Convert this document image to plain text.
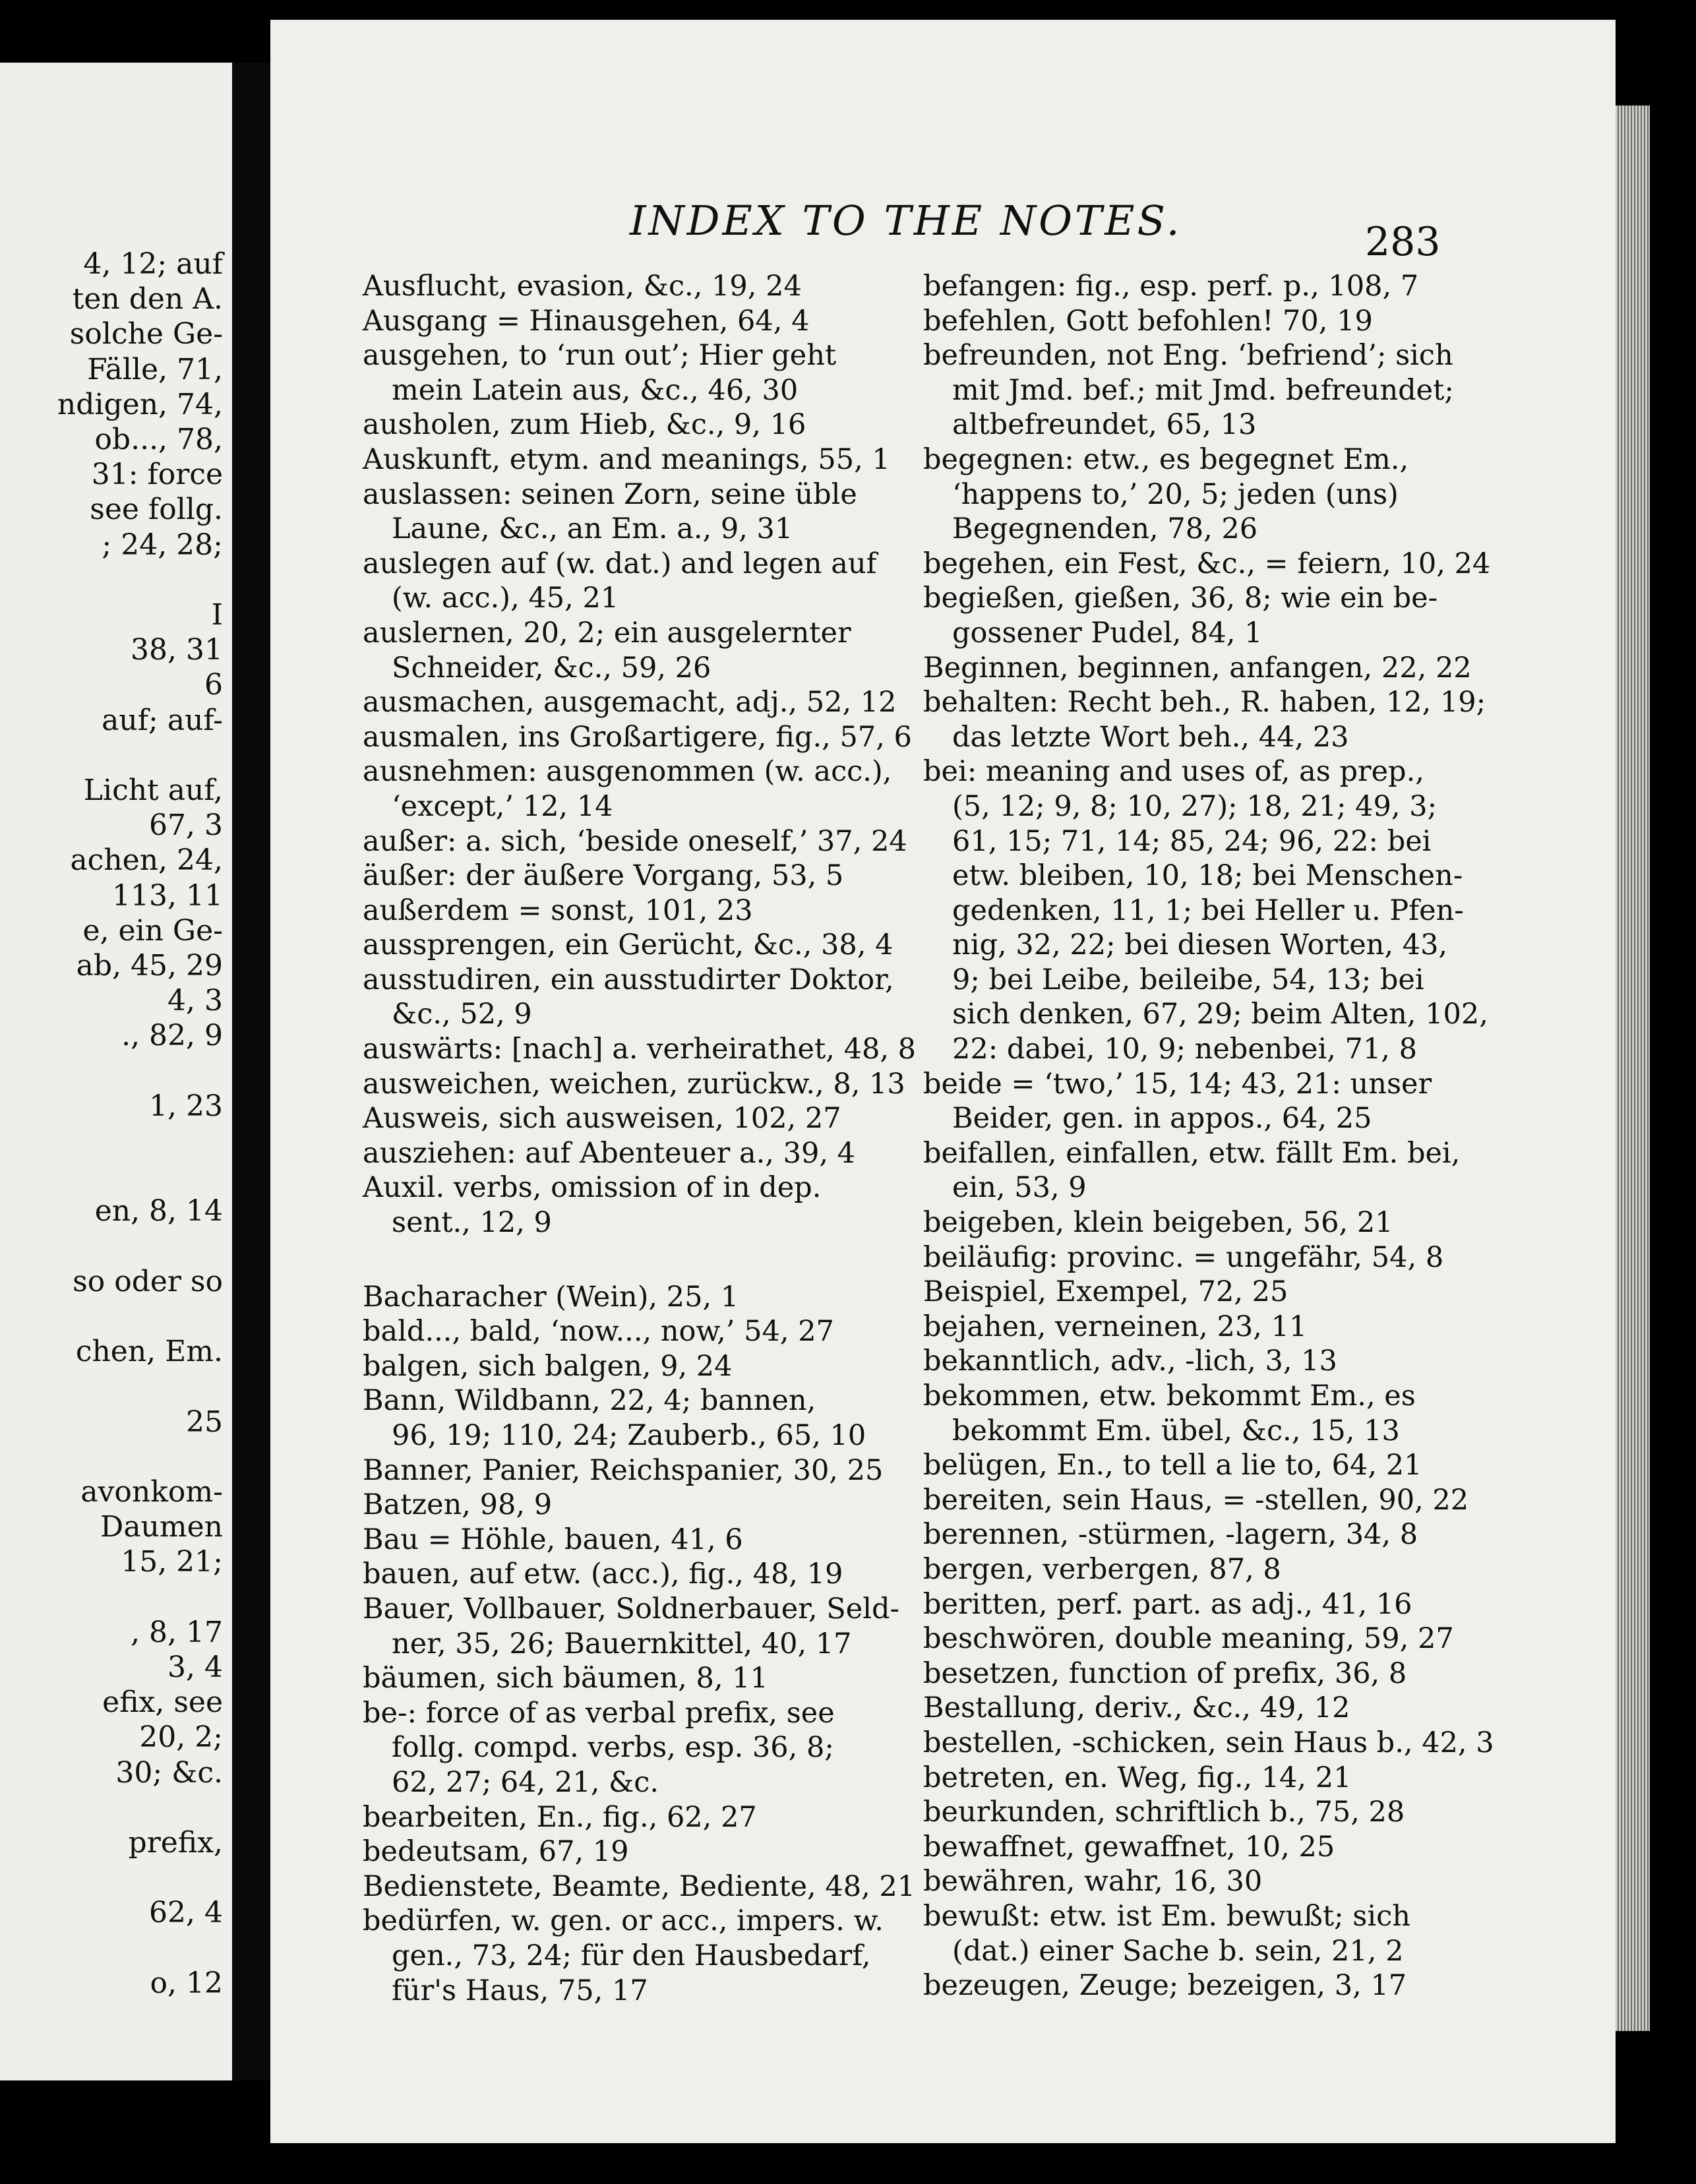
4, 12; auf
ten den A.
solche Ge-
Fälle, 71,
ndigen, 74,
ob..., 78,
31: force
see follg.
; 24, 28;
I
38, 31
6
auf; auf-
Licht auf,
67, 3
achen, 24,
113, 11
e, ein Ge-
ab, 45, 29
4, 3
., 82, 9
1, 23
en, 8, 14
so oder so
chen, Em.
25
avonkom-
Daumen
15, 21;
, 8, 17
3, 4
efix, see
20, 2;
30; &c.
prefix,
62, 4
o, 12
INDEX TO THE NOTES.	283
Ausflucht, evasion, &c., 19, 24
Ausgang = Hinausgehen, 64, 4
ausgehen, to ‘run out’; Hier geht
mein Latein aus, &c., 46, 30
ausholen, zum Hieb, &c., 9, 16
Auskunft, etym. and meanings, 55, 1
auslassen: seinen Zorn, seine üble
Laune, &c., an Em. a., 9, 31
auslegen auf (w. dat.) and legen auf
(w. acc.), 45, 21
auslernen, 20, 2; ein ausgelernter
Schneider, &c., 59, 26
ausmachen, ausgemacht, adj., 52, 12
ausmalen, ins Großartigere, fig., 57, 6
ausnehmen: ausgenommen (w. acc.),
‘except,’ 12, 14
außer: a. sich, ‘beside oneself,’ 37, 24
äußer: der äußere Vorgang, 53, 5
außerdem = sonst, 101, 23
aussprengen, ein Gerücht, &c., 38, 4
ausstudiren, ein ausstudirter Doktor,
&c., 52, 9
auswärts: [nach] a. verheirathet, 48, 8
ausweichen, weichen, zurückw., 8, 13
Ausweis, sich ausweisen, 102, 27
ausziehen: auf Abenteuer a., 39, 4
Auxil. verbs, omission of in dep.
sent., 12, 9
Bacharacher (Wein), 25, 1
bald..., bald, ‘now..., now,’ 54, 27
balgen, sich balgen, 9, 24
Bann, Wildbann, 22, 4; bannen,
96, 19; 110, 24; Zauberb., 65, 10
Banner, Panier, Reichspanier, 30, 25
Batzen, 98, 9
Bau = Höhle, bauen, 41, 6
bauen, auf etw. (acc.), fig., 48, 19
Bauer, Vollbauer, Soldnerbauer, Seld-
ner, 35, 26; Bauernkittel, 40, 17
bäumen, sich bäumen, 8, 11
be-: force of as verbal prefix, see
follg. compd. verbs, esp. 36, 8;
62, 27; 64, 21, &c.
bearbeiten, En., fig., 62, 27
bedeutsam, 67, 19
Bedienstete, Beamte, Bediente, 48, 21
bedürfen, w. gen. or acc., impers. w.
gen., 73, 24; für den Hausbedarf,
für's Haus, 75, 17
befangen: fig., esp. perf. p., 108, 7
befehlen, Gott befohlen! 70, 19
befreunden, not Eng. ‘befriend’; sich
mit Jmd. bef.; mit Jmd. befreundet;
altbefreundet, 65, 13
begegnen: etw., es begegnet Em.,
‘happens to,’ 20, 5; jeden (uns)
Begegnenden, 78, 26
begehen, ein Fest, &c., = feiern, 10, 24
begießen, gießen, 36, 8; wie ein be-
gossener Pudel, 84, 1
Beginnen, beginnen, anfangen, 22, 22
behalten: Recht beh., R. haben, 12, 19;
das letzte Wort beh., 44, 23
bei: meaning and uses of, as prep.,
(5, 12; 9, 8; 10, 27); 18, 21; 49, 3;
61, 15; 71, 14; 85, 24; 96, 22: bei
etw. bleiben, 10, 18; bei Menschen-
gedenken, 11, 1; bei Heller u. Pfen-
nig, 32, 22; bei diesen Worten, 43,
9; bei Leibe, beileibe, 54, 13; bei
sich denken, 67, 29; beim Alten, 102,
22: dabei, 10, 9; nebenbei, 71, 8
beide = ‘two,’ 15, 14; 43, 21: unser
Beider, gen. in appos., 64, 25
beifallen, einfallen, etw. fällt Em. bei,
ein, 53, 9
beigeben, klein beigeben, 56, 21
beiläufig: provinc. = ungefähr, 54, 8
Beispiel, Exempel, 72, 25
bejahen, verneinen, 23, 11
bekanntlich, adv., -lich, 3, 13
bekommen, etw. bekommt Em., es
bekommt Em. übel, &c., 15, 13
belügen, En., to tell a lie to, 64, 21
bereiten, sein Haus, = -stellen, 90, 22
berennen, -stürmen, -lagern, 34, 8
bergen, verbergen, 87, 8
beritten, perf. part. as adj., 41, 16
beschwören, double meaning, 59, 27
besetzen, function of prefix, 36, 8
Bestallung, deriv., &c., 49, 12
bestellen, -schicken, sein Haus b., 42, 3
betreten, en. Weg, fig., 14, 21
beurkunden, schriftlich b., 75, 28
bewaffnet, gewaffnet, 10, 25
bewähren, wahr, 16, 30
bewußt: etw. ist Em. bewußt; sich
(dat.) einer Sache b. sein, 21, 2
bezeugen, Zeuge; bezeigen, 3, 17
